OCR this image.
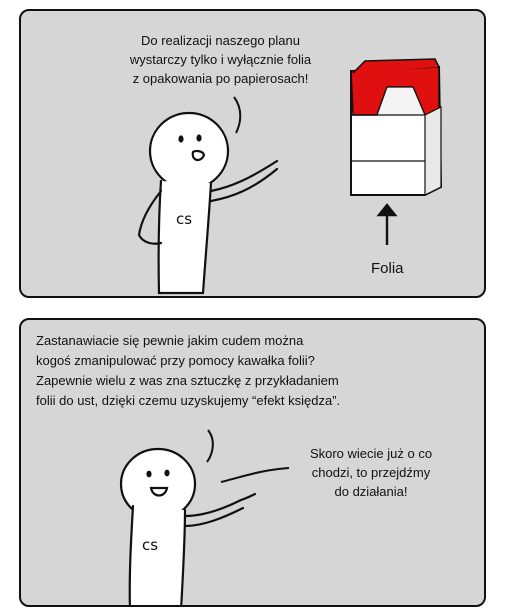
cs
Do realizacji naszego planu
wystarczy tylko i wyłącznie folia
z opakowania po papierosach!
Folia
cs
Zastanawiacie się pewnie jakim cudem można
kogoś zmanipulować przy pomocy kawałka folii?
Zapewnie wielu z was zna sztuczkę z przykładaniem
folii do ust, dzięki czemu uzyskujemy “efekt księdza”.
Skoro wiecie już o co
chodzi, to przejdźmy
do działania!
